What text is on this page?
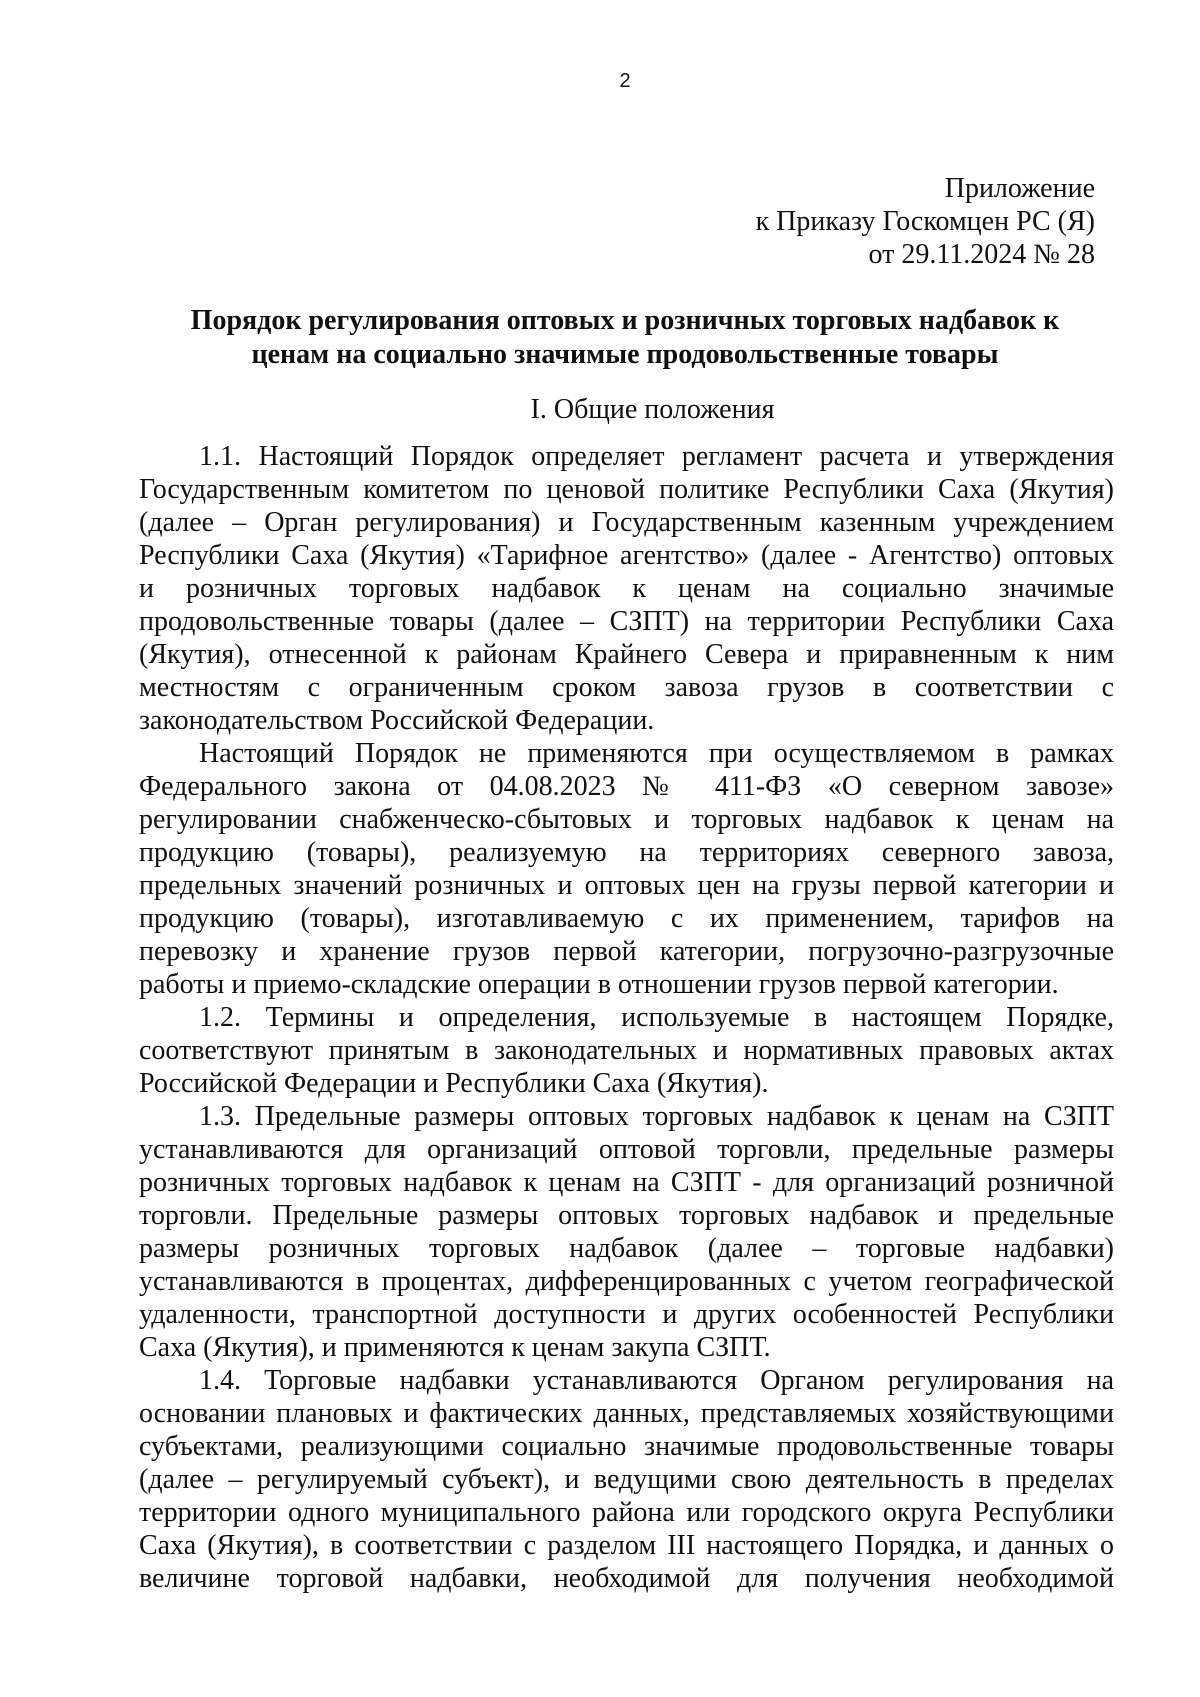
2
Приложение
к Приказу Госкомцен РС (Я)
от 29.11.2024 № 28
Порядок регулирования оптовых и розничных торговых надбавок к
ценам на социально значимые продовольственные товары
I. Общие положения
1.1. Настоящий Порядок определяет регламент расчета и утверждения
Государственным комитетом по ценовой политике Республики Саха (Якутия)
(далее – Орган регулирования) и Государственным казенным учреждением
Республики Саха (Якутия) «Тарифное агентство» (далее - Агентство) оптовых
и розничных торговых надбавок к ценам на социально значимые
продовольственные товары (далее – СЗПТ) на территории Республики Саха
(Якутия), отнесенной к районам Крайнего Севера и приравненным к ним
местностям с ограниченным сроком завоза грузов в соответствии с
законодательством Российской Федерации.
Настоящий Порядок не применяются при осуществляемом в рамках
Федерального закона от 04.08.2023 № 411-ФЗ «О северном завозе»
регулировании снабженческо-сбытовых и торговых надбавок к ценам на
продукцию (товары), реализуемую на территориях северного завоза,
предельных значений розничных и оптовых цен на грузы первой категории и
продукцию (товары), изготавливаемую с их применением, тарифов на
перевозку и хранение грузов первой категории, погрузочно-разгрузочные
работы и приемо-складские операции в отношении грузов первой категории.
1.2. Термины и определения, используемые в настоящем Порядке,
соответствуют принятым в законодательных и нормативных правовых актах
Российской Федерации и Республики Саха (Якутия).
1.3. Предельные размеры оптовых торговых надбавок к ценам на СЗПТ
устанавливаются для организаций оптовой торговли, предельные размеры
розничных торговых надбавок к ценам на СЗПТ - для организаций розничной
торговли. Предельные размеры оптовых торговых надбавок и предельные
размеры розничных торговых надбавок (далее – торговые надбавки)
устанавливаются в процентах, дифференцированных с учетом географической
удаленности, транспортной доступности и других особенностей Республики
Саха (Якутия), и применяются к ценам закупа СЗПТ.
1.4. Торговые надбавки устанавливаются Органом регулирования на
основании плановых и фактических данных, представляемых хозяйствующими
субъектами, реализующими социально значимые продовольственные товары
(далее – регулируемый субъект), и ведущими свою деятельность в пределах
территории одного муниципального района или городского округа Республики
Саха (Якутия), в соответствии с разделом III настоящего Порядка, и данных о
величине торговой надбавки, необходимой для получения необходимой
